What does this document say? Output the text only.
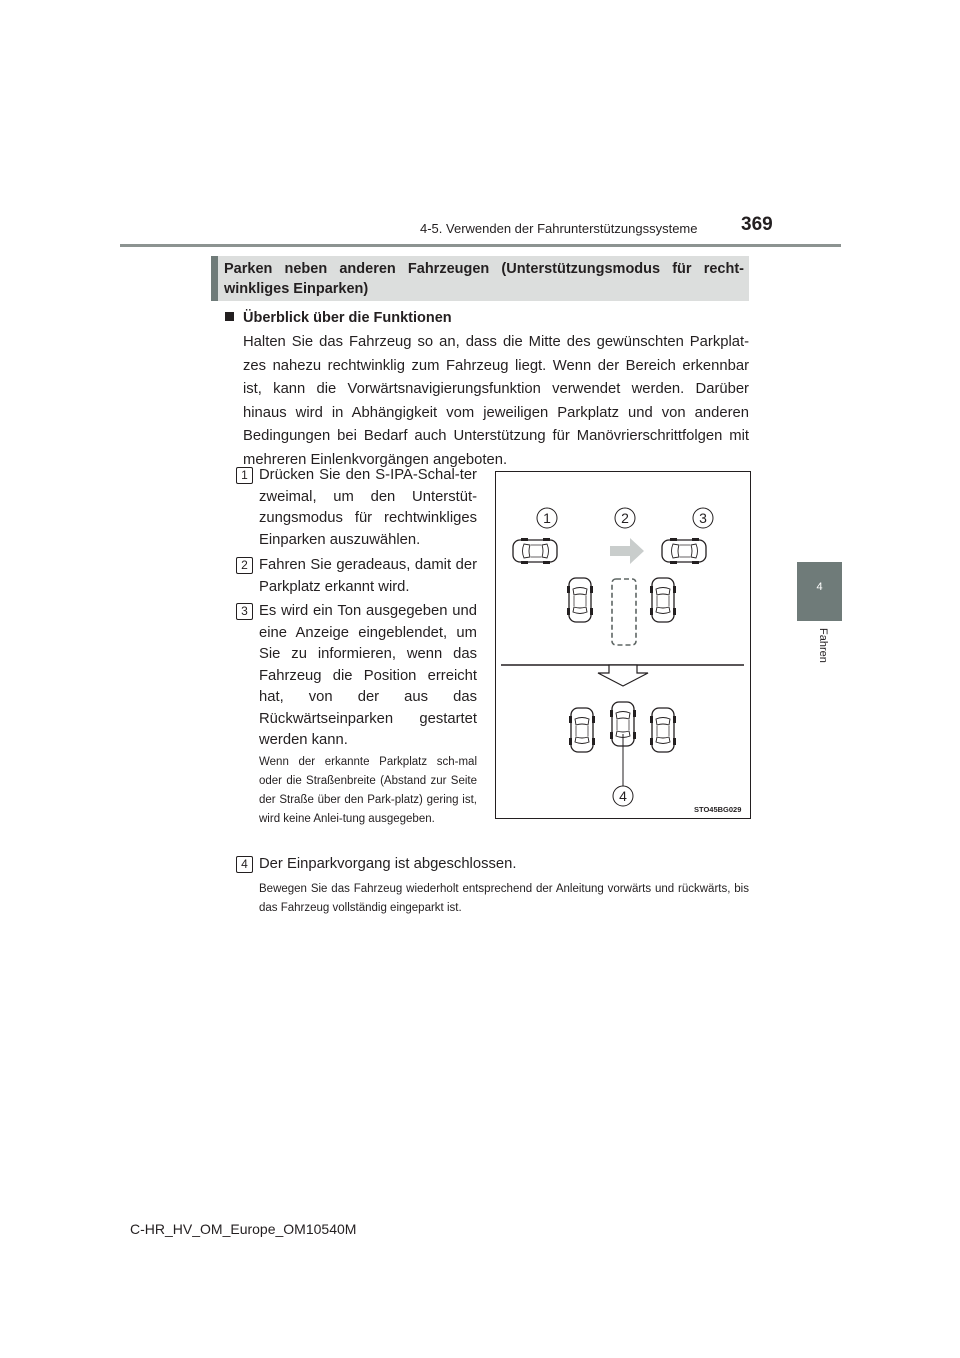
4-5. Verwenden der Fahrunterstützungssysteme 369
4
Fahren
Parken neben anderen Fahrzeugen (Unterstützungsmodus für recht-
winkliges Einparken)
Überblick über die Funktionen
Halten Sie das Fahrzeug so an, dass die Mitte des gewünschten Parkplat-zes nahezu rechtwinklig zum Fahrzeug liegt. Wenn der Bereich erkennbar ist, kann die Vorwärtsnavigierungsfunktion verwendet werden. Darüber hinaus wird in Abhängigkeit vom jeweiligen Parkplatz und von anderen Bedingungen bei Bedarf auch Unterstützung für Manövrierschrittfolgen mit mehreren Einlenkvorgängen angeboten.
1 Drücken Sie den S-IPA-Schal-ter zweimal, um den Unterstüt-zungsmodus für rechtwinkliges Einparken auszuwählen.
2 Fahren Sie geradeaus, damit der Parkplatz erkannt wird.
3 Es wird ein Ton ausgegeben und eine Anzeige eingeblendet, um Sie zu informieren, wenn das Fahrzeug die Position erreicht hat, von der aus das Rückwärtseinparken gestartet werden kann.
Wenn der erkannte Parkplatz sch-mal oder die Straßenbreite (Abstand zur Seite der Straße über den Park-platz) gering ist, wird keine Anlei-tung ausgegeben.
4 Der Einparkvorgang ist abgeschlossen.
Bewegen Sie das Fahrzeug wiederholt entsprechend der Anleitung vorwärts und rückwärts, bis das Fahrzeug vollständig eingeparkt ist.
1	2	3
4
STO45BG029
C-HR_HV_OM_Europe_OM10540M
